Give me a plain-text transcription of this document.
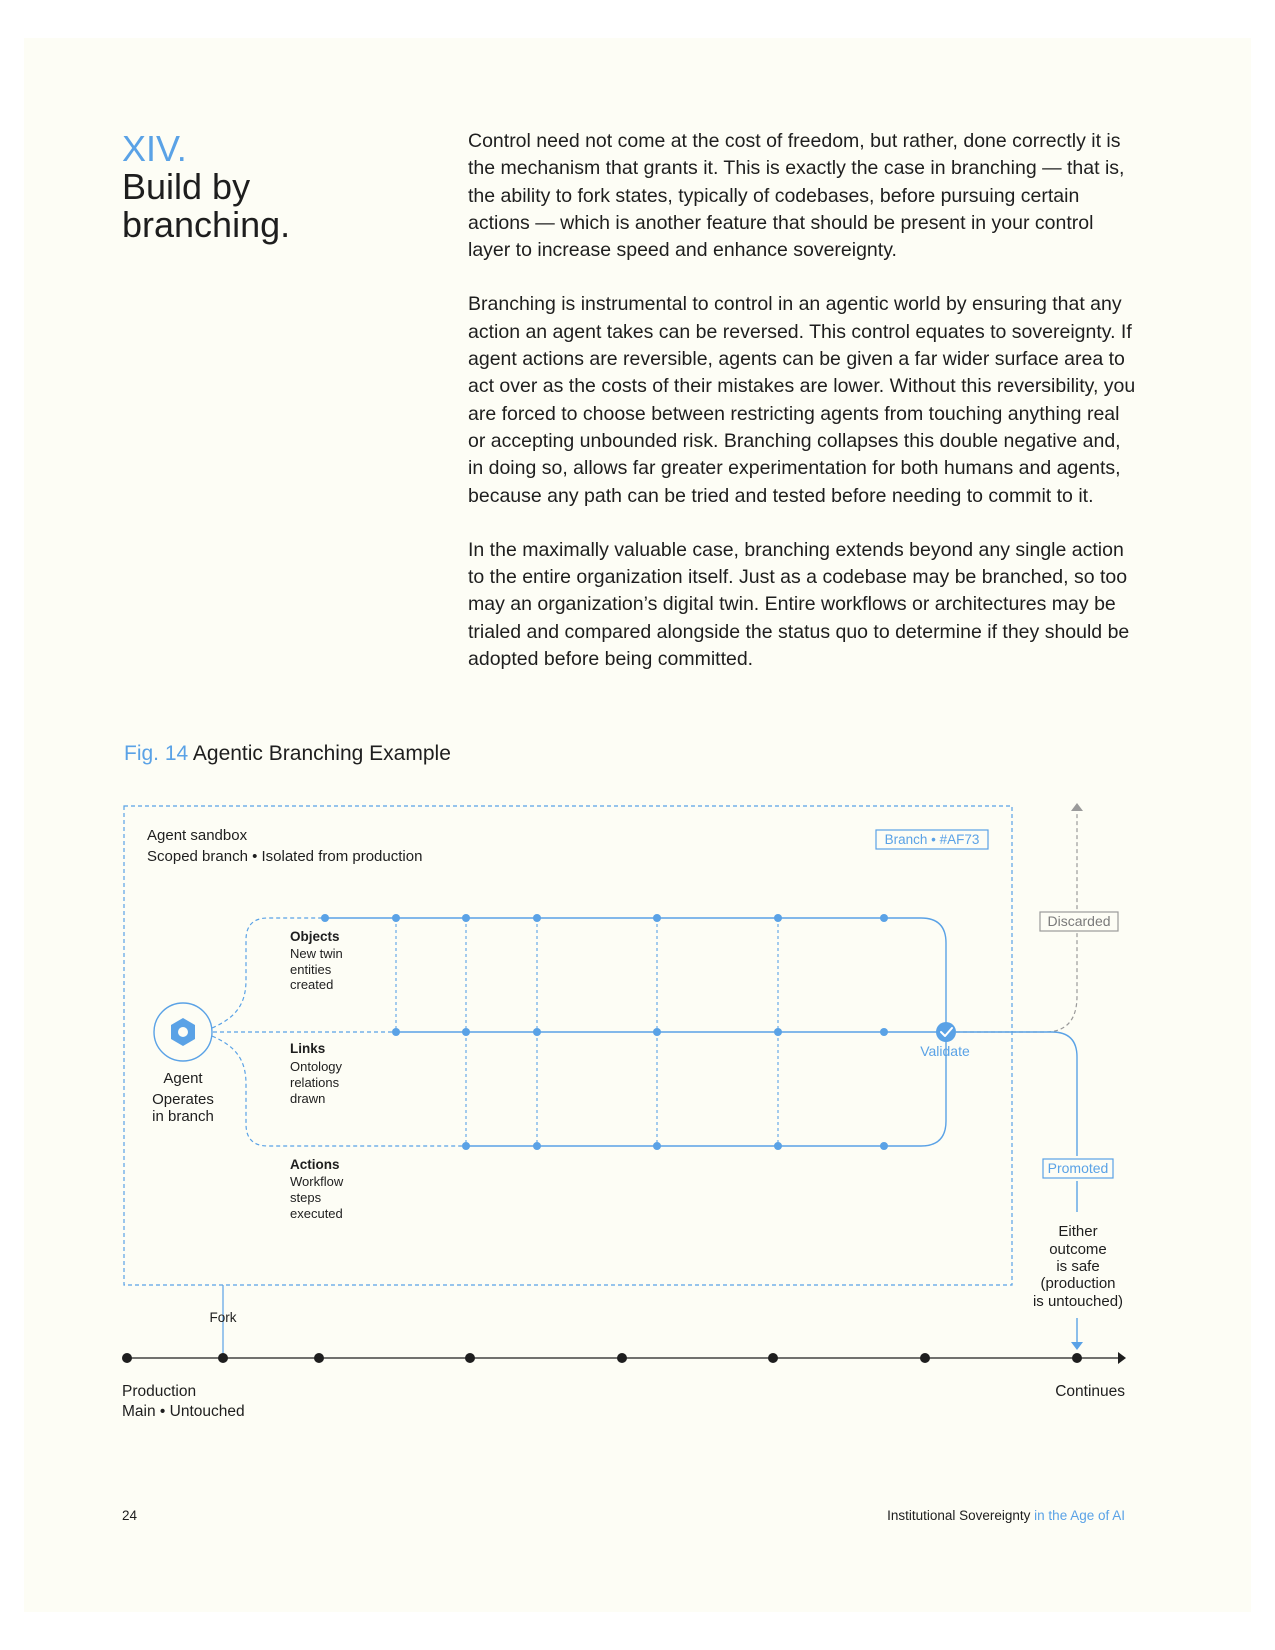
XIV.
Build by branching.

Control need not come at the cost of freedom, but rather, done correctly it is the mechanism that grants it. This is exactly the case in branching — that is, the ability to fork states, typically of codebases, before pursuing certain actions — which is another feature that should be present in your control layer to increase speed and enhance sovereignty.

Branching is instrumental to control in an agentic world by ensuring that any action an agent takes can be reversed. This control equates to sovereignty. If agent actions are reversible, agents can be given a far wider surface area to act over as the costs of their mistakes are lower. Without this reversibility, you are forced to choose between restricting agents from touching anything real or accepting unbounded risk. Branching collapses this double negative and, in doing so, allows far greater experimentation for both humans and agents, because any path can be tried and tested before needing to commit to it.

In the maximally valuable case, branching extends beyond any single action to the entire organization itself. Just as a codebase may be branched, so too may an organization’s digital twin. Entire workflows or architectures may be trialed and compared alongside the status quo to determine if they should be adopted before being committed.

Fig. 14 Agentic Branching Example
Agent sandbox
Scoped branch • Isolated from production
Branch • #AF73
Agent
Operates
in branch
Objects
New twin
entities
created
Links
Ontology
relations
drawn
Actions
Workflow
steps
executed
Validate
Discarded
Promoted
Either
outcome
is safe
(production
is untouched)
Fork
Production
Main • Untouched
Continues
24	Institutional Sovereignty in the Age of AI
